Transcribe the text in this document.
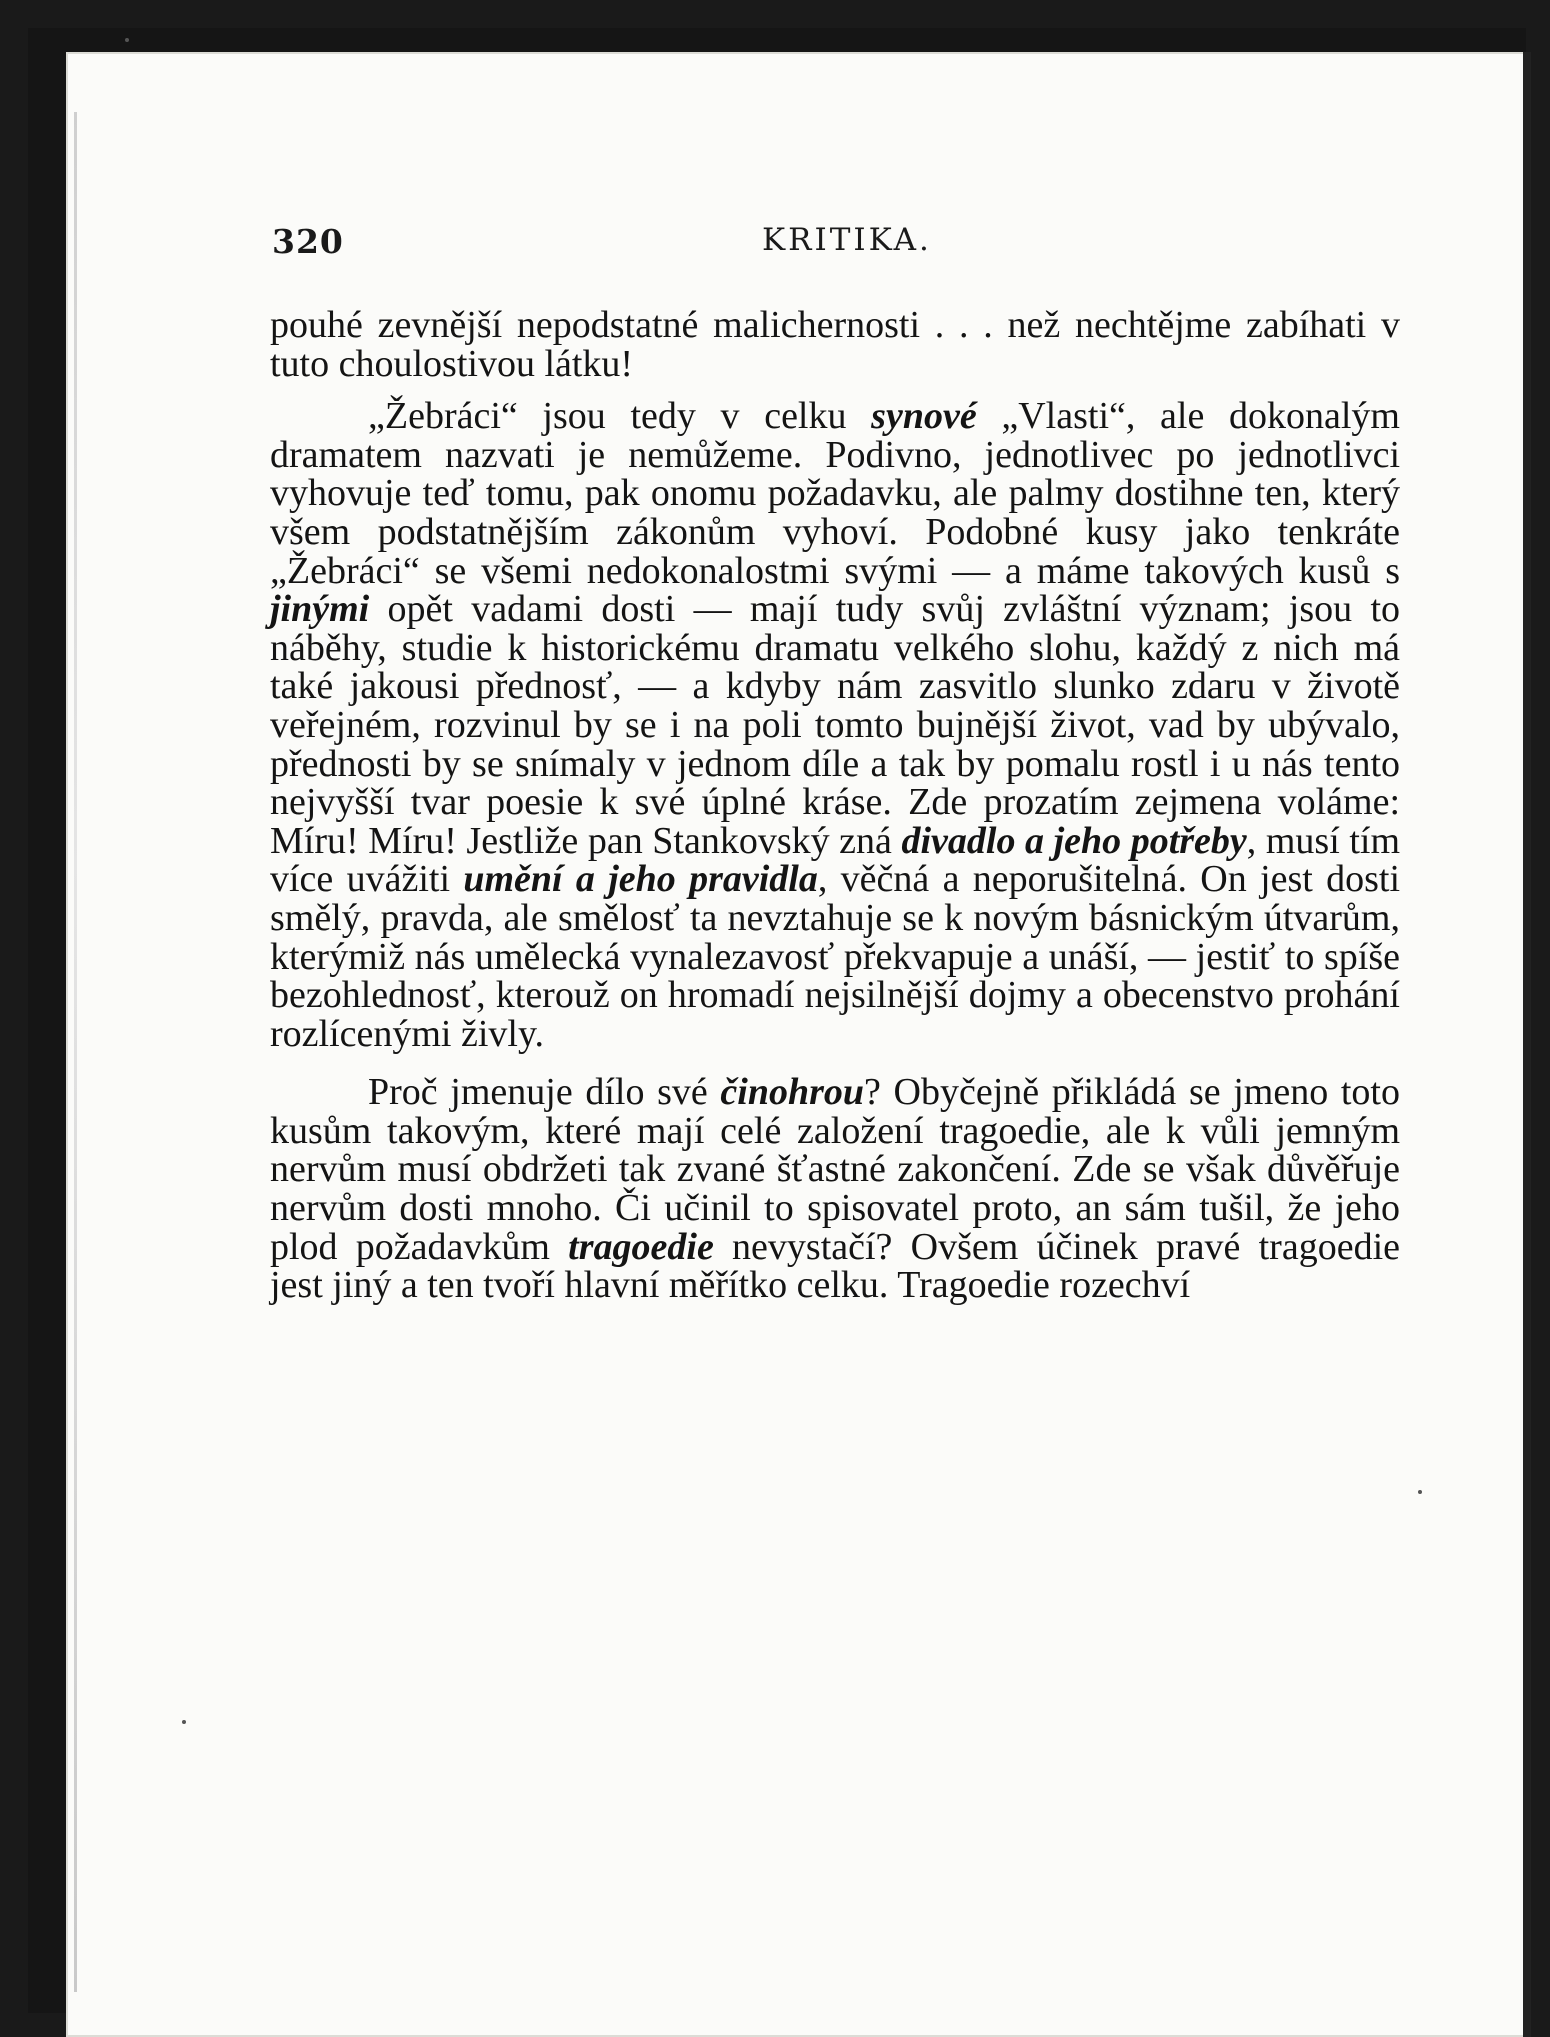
320	KRITIKA.

pouhé zevnější nepodstatné malichernosti . . . než nechtějme zabíhati v tuto choulostivou látku!

„Žebráci“ jsou tedy v celku synové „Vlasti“, ale dokonalým dramatem nazvati je nemůžeme. Podivno, jednotlivec po jednotlivci vyhovuje teď tomu, pak onomu požadavku, ale palmy dostihne ten, který všem podstatnějším zákonům vyhoví. Podobné kusy jako tenkráte „Žebráci“ se všemi nedokonalostmi svými — a máme takových kusů s jinými opět vadami dosti — mají tudy svůj zvláštní význam; jsou to náběhy, studie k historickému dramatu velkého slohu, každý z nich má také jakousi přednosť, — a kdyby nám zasvitlo slunko zdaru v životě veřejném, rozvinul by se i na poli tomto bujnější život, vad by ubývalo, přednosti by se snímaly v jednom díle a tak by pomalu rostl i u nás tento nejvyšší tvar poesie k své úplné kráse. Zde prozatím zejmena voláme: Míru! Míru! Jestliže pan Stankovský zná divadlo a jeho potřeby, musí tím více uvážiti umění a jeho pravidla, věčná a neporušitelná. On jest dosti smělý, pravda, ale smělosť ta nevztahuje se k novým básnickým útvarům, kterýmiž nás umělecká vynalezavosť překvapuje a unáší, — jestiť to spíše bezohlednosť, kterouž on hromadí nejsilnější dojmy a obecenstvo prohání rozlícenými živly.

Proč jmenuje dílo své činohrou? Obyčejně přikládá se jmeno toto kusům takovým, které mají celé založení tragoedie, ale k vůli jemným nervům musí obdržeti tak zvané šťastné zakončení. Zde se však důvěřuje nervům dosti mnoho. Či učinil to spisovatel proto, an sám tušil, že jeho plod požadavkům tragoedie nevystačí? Ovšem účinek pravé tragoedie jest jiný a ten tvoří hlavní měřítko celku. Tragoedie rozechví
